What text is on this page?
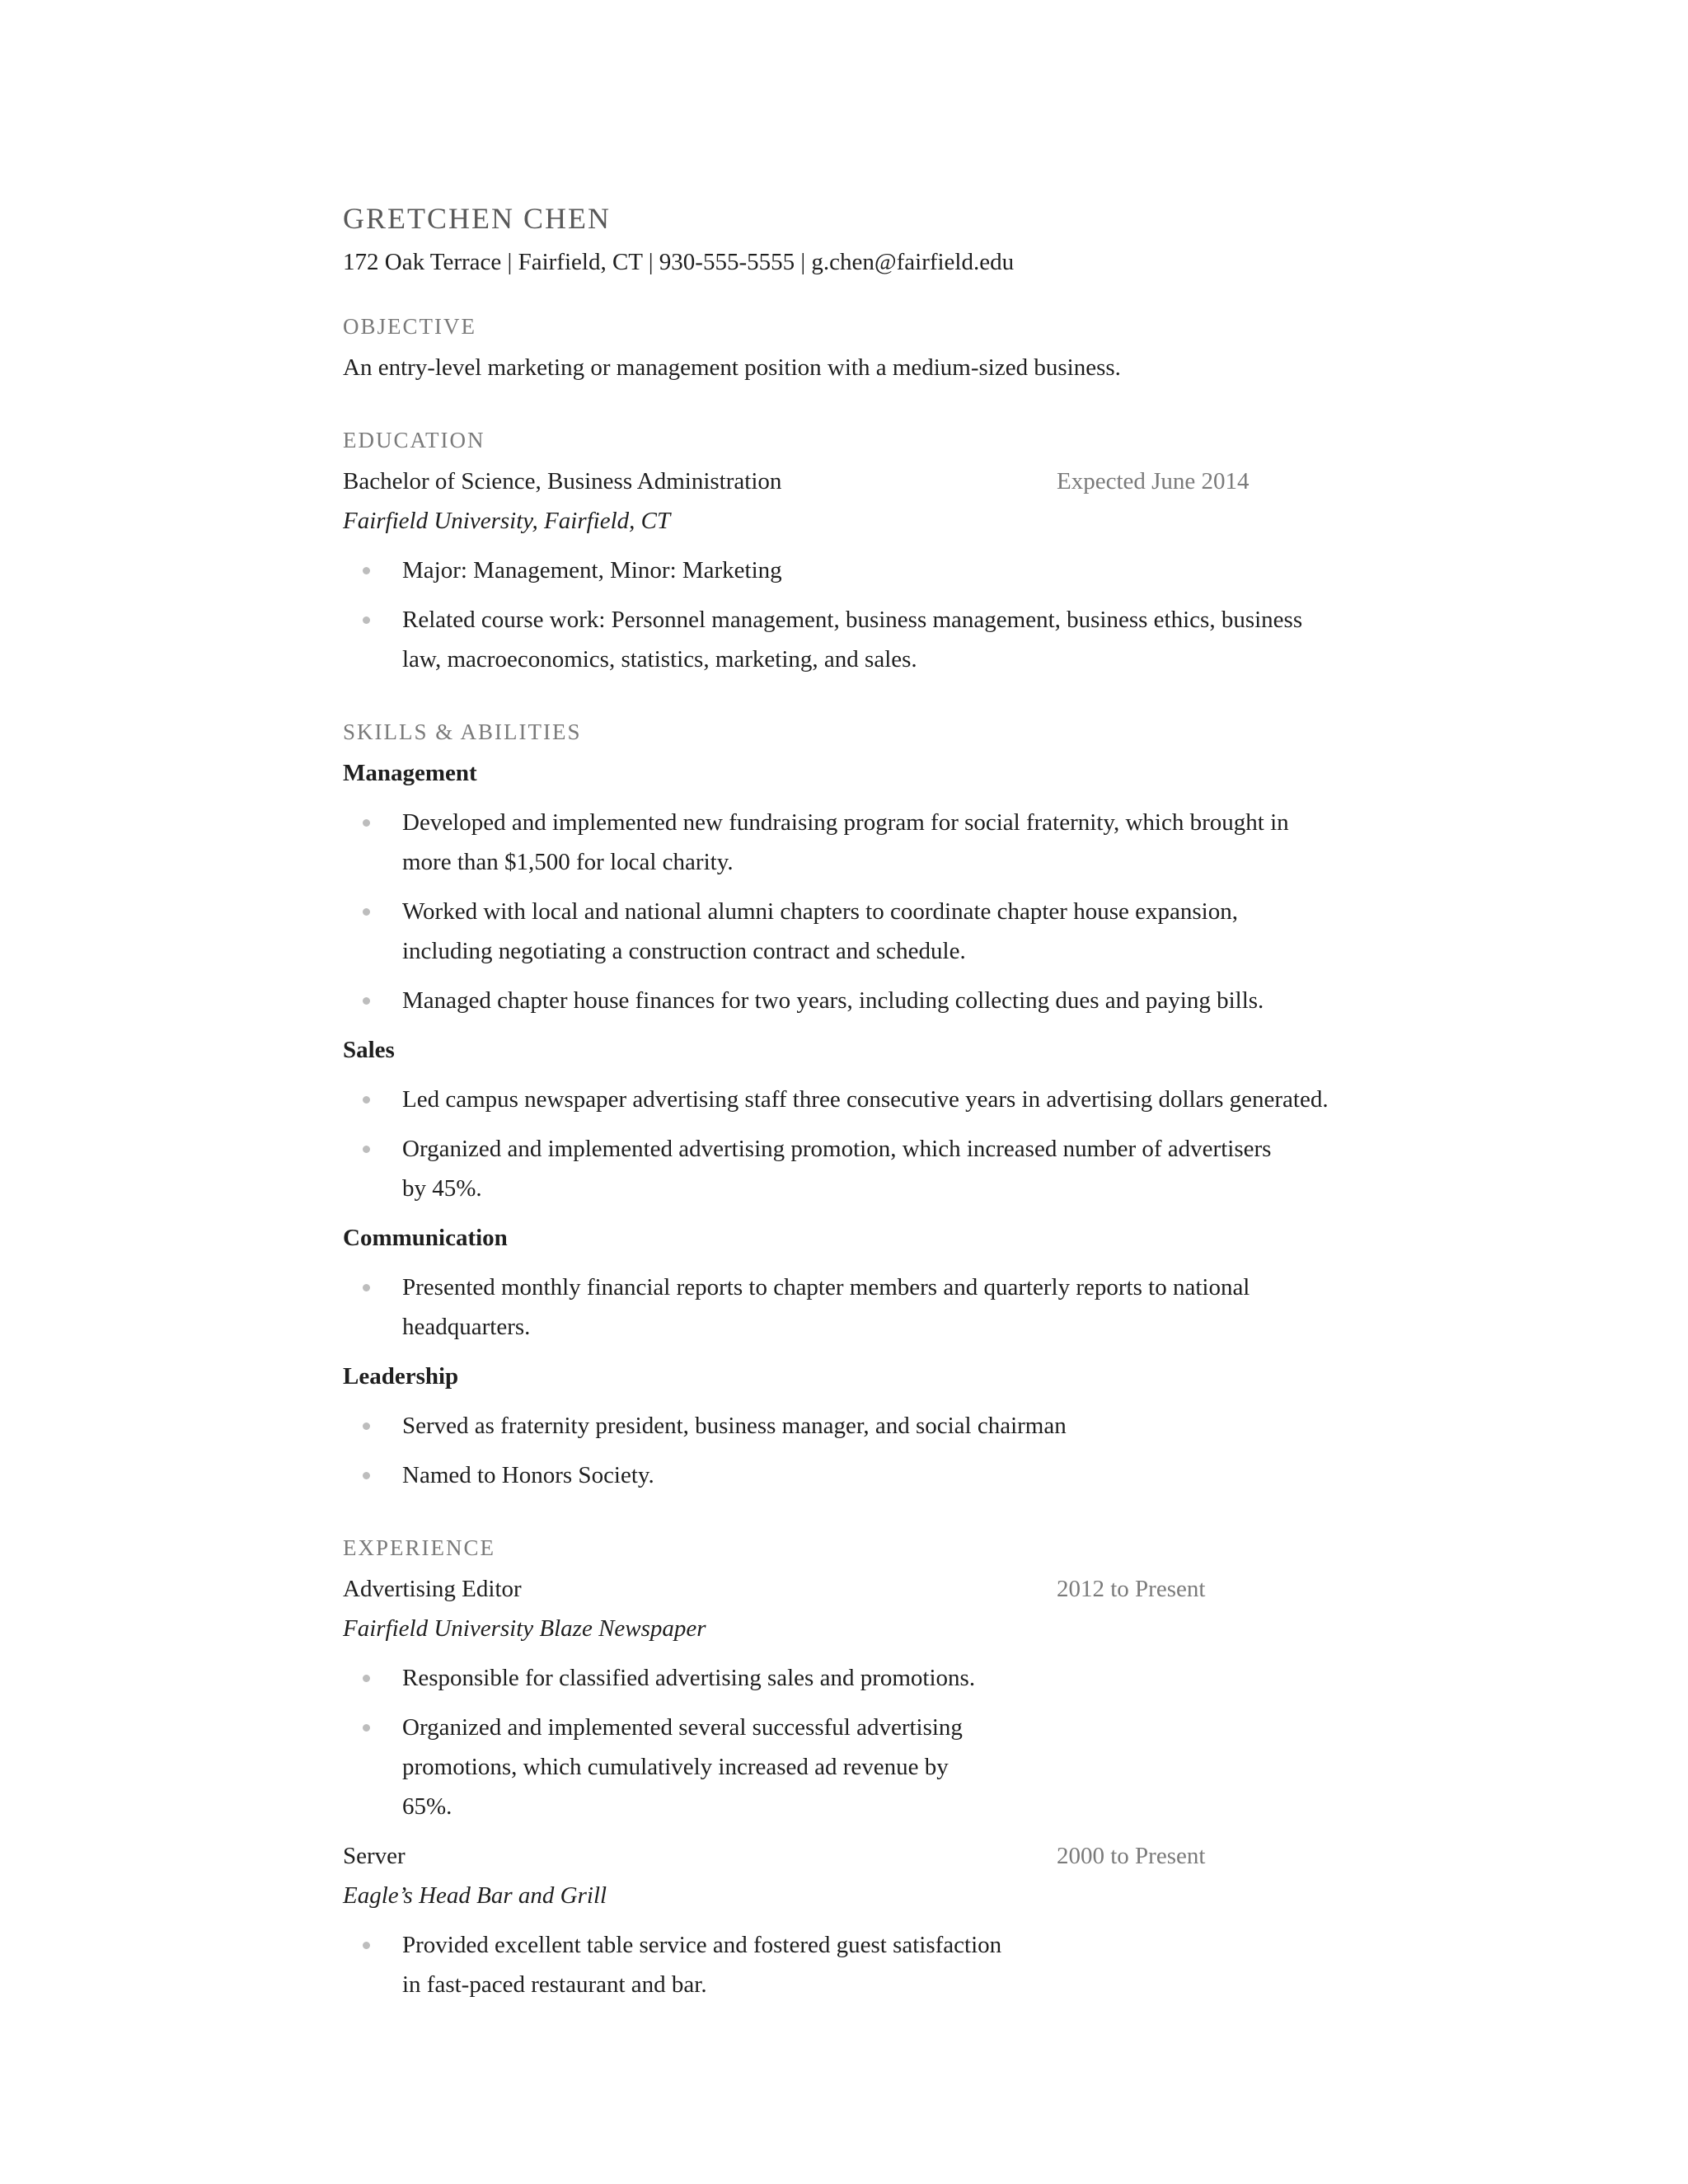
GRETCHEN CHEN
172 Oak Terrace | Fairfield, CT | 930-555-5555 | g.chen@fairfield.edu
OBJECTIVE
An entry-level marketing or management position with a medium-sized business.
EDUCATION
Bachelor of Science, Business Administration	Expected June 2014
Fairfield University, Fairfield, CT
Major: Management, Minor: Marketing
Related course work: Personnel management, business management, business ethics, business law, macroeconomics, statistics, marketing, and sales.
SKILLS & ABILITIES
Management
Developed and implemented new fundraising program for social fraternity, which brought in more than $1,500 for local charity.
Worked with local and national alumni chapters to coordinate chapter house expansion, including negotiating a construction contract and schedule.
Managed chapter house finances for two years, including collecting dues and paying bills.
Sales
Led campus newspaper advertising staff three consecutive years in advertising dollars generated.
Organized and implemented advertising promotion, which increased number of advertisers by 45%.
Communication
Presented monthly financial reports to chapter members and quarterly reports to national headquarters.
Leadership
Served as fraternity president, business manager, and social chairman
Named to Honors Society.
EXPERIENCE
Advertising Editor	2012 to Present
Fairfield University Blaze Newspaper
Responsible for classified advertising sales and promotions.
Organized and implemented several successful advertising promotions, which cumulatively increased ad revenue by 65%.
Server	2000 to Present
Eagle’s Head Bar and Grill
Provided excellent table service and fostered guest satisfaction in fast-paced restaurant and bar.
